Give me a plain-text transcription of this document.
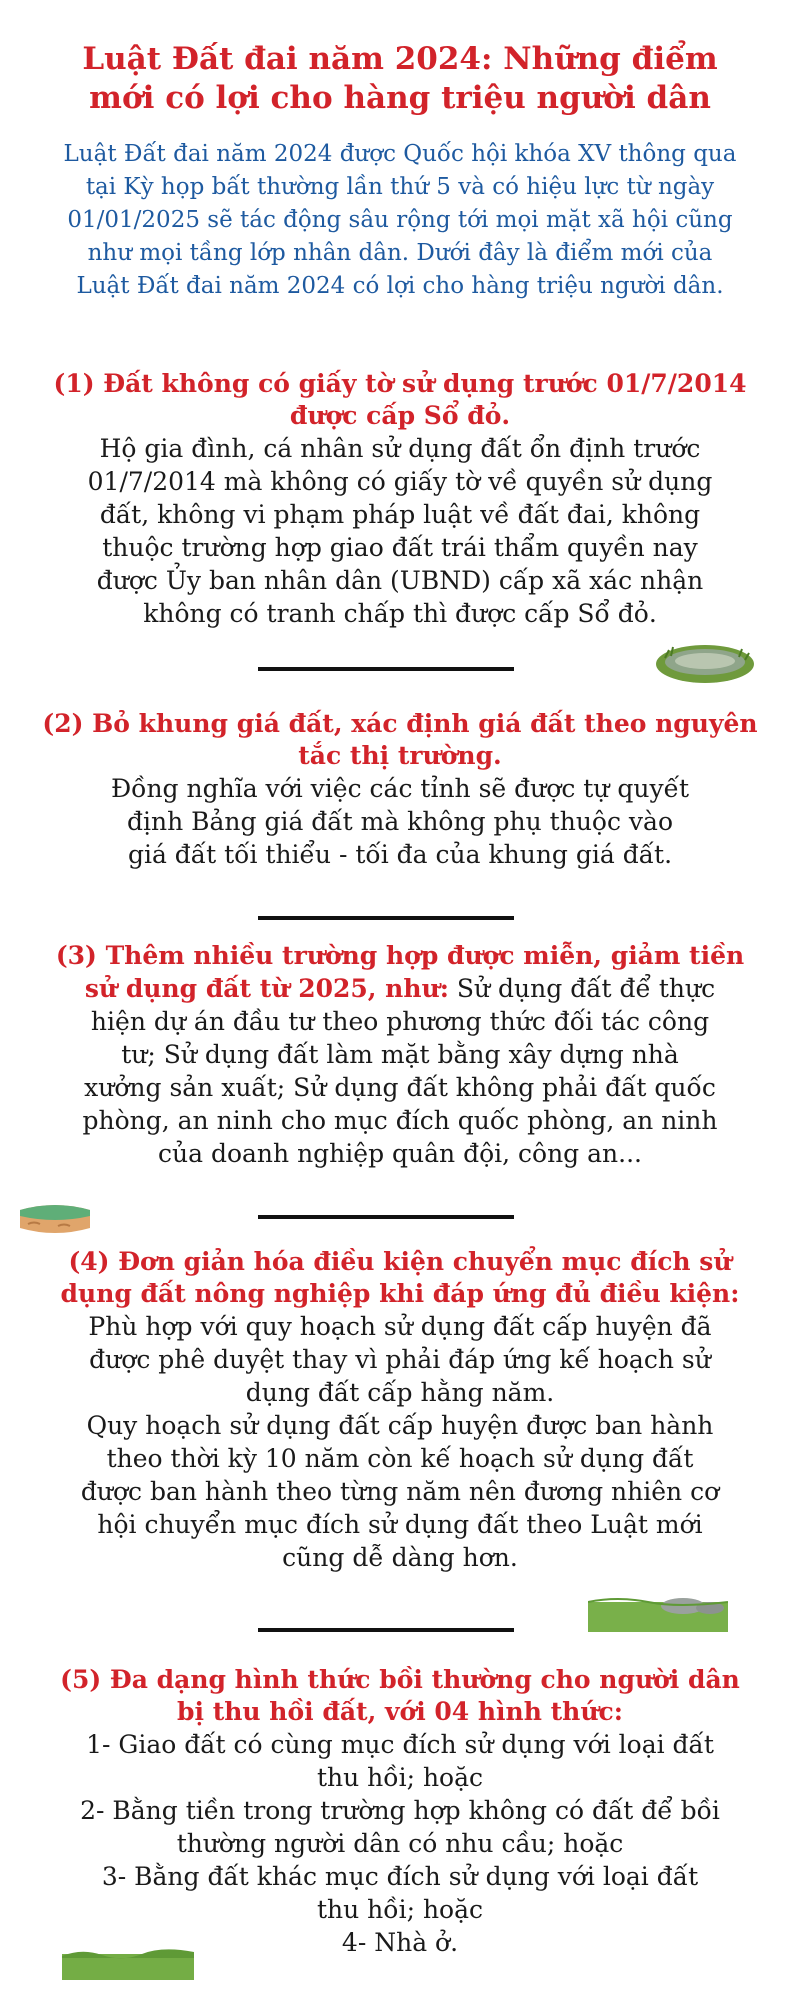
Luật Đất đai năm 2024: Những điểm
mới có lợi cho hàng triệu người dân
Luật Đất đai năm 2024 được Quốc hội khóa XV thông qua
tại Kỳ họp bất thường lần thứ 5 và có hiệu lực từ ngày
01/01/2025 sẽ tác động sâu rộng tới mọi mặt xã hội cũng
như mọi tầng lớp nhân dân. Dưới đây là điểm mới của
Luật Đất đai năm 2024 có lợi cho hàng triệu người dân.
(1) Đất không có giấy tờ sử dụng trước 01/7/2014
được cấp Sổ đỏ.
Hộ gia đình, cá nhân sử dụng đất ổn định trước
01/7/2014 mà không có giấy tờ về quyền sử dụng
đất, không vi phạm pháp luật về đất đai, không
thuộc trường hợp giao đất trái thẩm quyền nay
được Ủy ban nhân dân (UBND) cấp xã xác nhận
không có tranh chấp thì được cấp Sổ đỏ.
(2) Bỏ khung giá đất, xác định giá đất theo nguyên
tắc thị trường.
Đồng nghĩa với việc các tỉnh sẽ được tự quyết
định Bảng giá đất mà không phụ thuộc vào
giá đất tối thiểu - tối đa của khung giá đất.
(3) Thêm nhiều trường hợp được miễn, giảm tiền
sử dụng đất từ 2025, như: Sử dụng đất để thực
hiện dự án đầu tư theo phương thức đối tác công
tư; Sử dụng đất làm mặt bằng xây dựng nhà
xưởng sản xuất; Sử dụng đất không phải đất quốc
phòng, an ninh cho mục đích quốc phòng, an ninh
của doanh nghiệp quân đội, công an...
(4) Đơn giản hóa điều kiện chuyển mục đích sử
dụng đất nông nghiệp khi đáp ứng đủ điều kiện:
Phù hợp với quy hoạch sử dụng đất cấp huyện đã
được phê duyệt thay vì phải đáp ứng kế hoạch sử
dụng đất cấp hằng năm.
Quy hoạch sử dụng đất cấp huyện được ban hành
theo thời kỳ 10 năm còn kế hoạch sử dụng đất
được ban hành theo từng năm nên đương nhiên cơ
hội chuyển mục đích sử dụng đất theo Luật mới
cũng dễ dàng hơn.
(5) Đa dạng hình thức bồi thường cho người dân
bị thu hồi đất, với 04 hình thức:
1- Giao đất có cùng mục đích sử dụng với loại đất
thu hồi; hoặc
2- Bằng tiền trong trường hợp không có đất để bồi
thường người dân có nhu cầu; hoặc
3- Bằng đất khác mục đích sử dụng với loại đất
thu hồi; hoặc
4- Nhà ở.
